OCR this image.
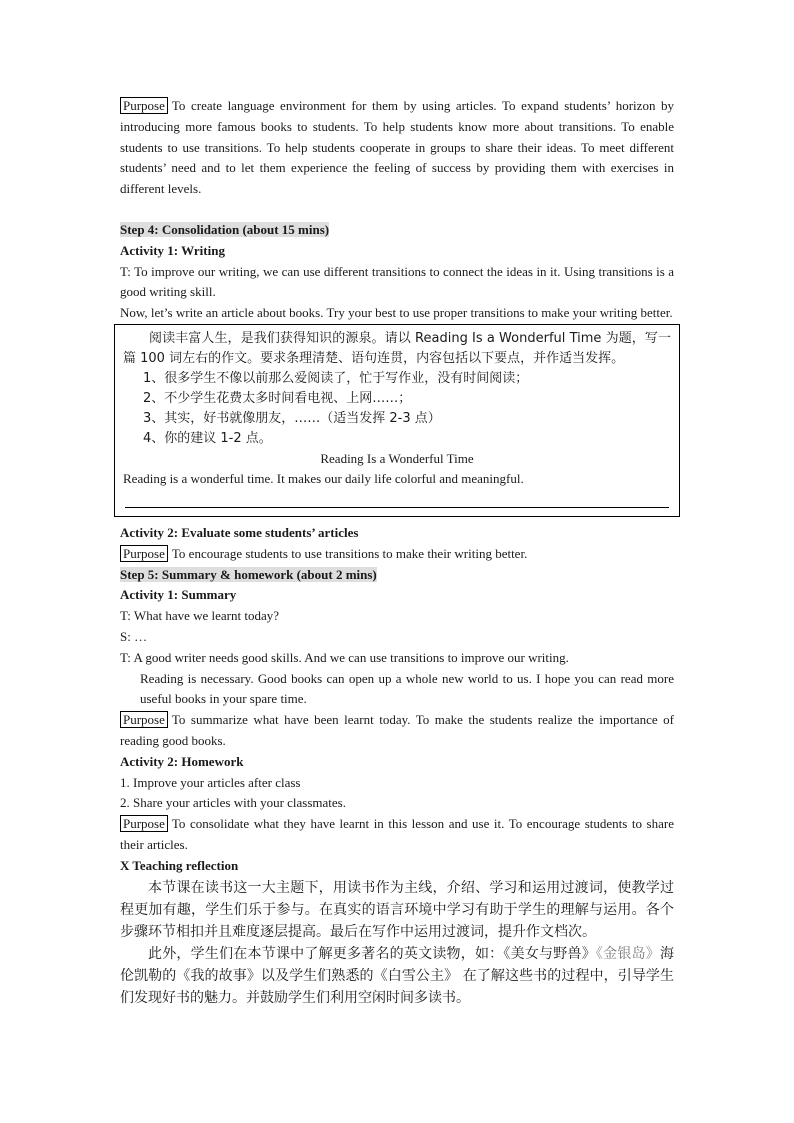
Purpose To create language environment for them by using articles. To expand students’ horizon by introducing more famous books to students. To help students know more about transitions. To enable students to use transitions. To help students cooperate in groups to share their ideas. To meet different students’ need and to let them experience the feeling of success by providing them with exercises in different levels.

Step 4: Consolidation (about 15 mins)

Activity 1: Writing

T: To improve our writing, we can use different transitions to connect the ideas in it. Using transitions is a good writing skill.

Now, let’s write an article about books. Try your best to use proper transitions to make your writing better.

阅读丰富人生，是我们获得知识的源泉。请以 Reading Is a Wonderful Time 为题，写一篇 100 词左右的作文。要求条理清楚、语句连贯，内容包括以下要点，并作适当发挥。

1、很多学生不像以前那么爱阅读了，忙于写作业，没有时间阅读；

2、不少学生花费太多时间看电视、上网……；

3、其实，好书就像朋友，……（适当发挥 2-3 点）

4、你的建议 1-2 点。

Reading Is a Wonderful Time

Reading is a wonderful time. It makes our daily life colorful and meaningful.

Activity 2: Evaluate some students’ articles

Purpose To encourage students to use transitions to make their writing better.

Step 5: Summary & homework (about 2 mins)

Activity 1: Summary

T: What have we learnt today?

S: …

T: A good writer needs good skills. And we can use transitions to improve our writing.

Reading is necessary. Good books can open up a whole new world to us. I hope you can read more useful books in your spare time.

Purpose To summarize what have been learnt today. To make the students realize the importance of reading good books.

Activity 2: Homework

1. Improve your articles after class

2. Share your articles with your classmates.

Purpose To consolidate what they have learnt in this lesson and use it. To encourage students to share their articles.

X Teaching reflection

本节课在读书这一大主题下，用读书作为主线，介绍、学习和运用过渡词，使教学过程更加有趣，学生们乐于参与。在真实的语言环境中学习有助于学生的理解与运用。各个步骤环节相扣并且难度逐层提高。最后在写作中运用过渡词，提升作文档次。

此外，学生们在本节课中了解更多著名的英文读物，如：《美女与野兽》《金银岛》海伦凯勒的《我的故事》以及学生们熟悉的《白雪公主》 在了解这些书的过程中，引导学生们发现好书的魅力。并鼓励学生们利用空闲时间多读书。
